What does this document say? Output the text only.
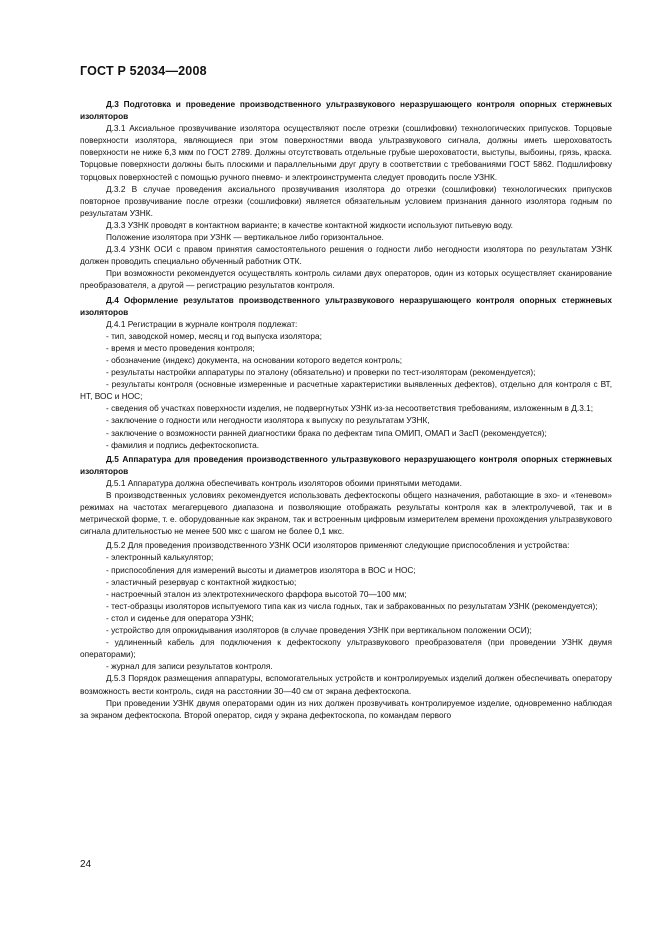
ГОСТ Р 52034—2008

Д.3 Подготовка и проведение производственного ультразвукового неразрушающего контроля опорных стержневых изоляторов

Д.3.1 Аксиальное прозвучивание изолятора осуществляют после отрезки (сошлифовки) технологических припусков. Торцовые поверхности изолятора, являющиеся при этом поверхностями ввода ультразвукового сигнала, должны иметь шероховатость поверхности не ниже 6,3 мкм по ГОСТ 2789. Должны отсутствовать отдельные грубые шероховатости, выступы, выбоины, грязь, краска. Торцовые поверхности должны быть плоскими и параллельными друг другу в соответствии с требованиями ГОСТ 5862. Подшлифовку торцовых поверхностей с помощью ручного пневмо- и электроинструмента следует проводить после УЗНК.

Д.3.2 В случае проведения аксиального прозвучивания изолятора до отрезки (сошлифовки) технологических припусков повторное прозвучивание после отрезки (сошлифовки) является обязательным условием признания данного изолятора годным по результатам УЗНК.

Д.3.3 УЗНК проводят в контактном варианте; в качестве контактной жидкости используют питьевую воду.

Положение изолятора при УЗНК — вертикальное либо горизонтальное.

Д.3.4 УЗНК ОСИ с правом принятия самостоятельного решения о годности либо негодности изолятора по результатам УЗНК должен проводить специально обученный работник ОТК.

При возможности рекомендуется осуществлять контроль силами двух операторов, один из которых осуществляет сканирование преобразователя, а другой — регистрацию результатов контроля.

Д.4 Оформление результатов производственного ультразвукового неразрушающего контроля опорных стержневых изоляторов

Д.4.1 Регистрации в журнале контроля подлежат:

- тип, заводской номер, месяц и год выпуска изолятора;

- время и место проведения контроля;

- обозначение (индекс) документа, на основании которого ведется контроль;

- результаты настройки аппаратуры по эталону (обязательно) и проверки по тест-изоляторам (рекомендуется);

- результаты контроля (основные измеренные и расчетные характеристики выявленных дефектов), отдельно для контроля с ВТ, НТ, ВОС и НОС;

- сведения об участках поверхности изделия, не подвергнутых УЗНК из-за несоответствия требованиям, изложенным в Д.3.1;

- заключение о годности или негодности изолятора к выпуску по результатам УЗНК,

- заключение о возможности ранней диагностики брака по дефектам типа ОМИП, ОМАП и ЗасП (рекомендуется);

- фамилия и подпись дефектоскописта.

Д.5 Аппаратура для проведения производственного ультразвукового неразрушающего контроля опорных стержневых изоляторов

Д.5.1 Аппаратура должна обеспечивать контроль изоляторов обоими принятыми методами.

В производственных условиях рекомендуется использовать дефектоскопы общего назначения, работающие в эхо- и «теневом» режимах на частотах мегагерцевого диапазона и позволяющие отображать результаты контроля как в электролучевой, так и в метрической форме, т. е. оборудованные как экраном, так и встроенным цифровым измерителем времени прохождения ультразвукового сигнала длительностью не менее 500 мкс с шагом не более 0,1 мкс.

Д.5.2 Для проведения производственного УЗНК ОСИ изоляторов применяют следующие приспособления и устройства:

- электронный калькулятор;

- приспособления для измерений высоты и диаметров изолятора в ВОС и НОС;

- эластичный резервуар с контактной жидкостью;

- настроечный эталон из электротехнического фарфора высотой 70—100 мм;

- тест-образцы изоляторов испытуемого типа как из числа годных, так и забракованных по результатам УЗНК (рекомендуется);

- стол и сиденье для оператора УЗНК;

- устройство для опрокидывания изоляторов (в случае проведения УЗНК при вертикальном положении ОСИ);

- удлиненный кабель для подключения к дефектоскопу ультразвукового преобразователя (при проведении УЗНК двумя операторами);

- журнал для записи результатов контроля.

Д.5.3 Порядок размещения аппаратуры, вспомогательных устройств и контролируемых изделий должен обеспечивать оператору возможность вести контроль, сидя на расстоянии 30—40 см от экрана дефектоскопа.

При проведении УЗНК двумя операторами один из них должен прозвучивать контролируемое изделие, одновременно наблюдая за экраном дефектоскопа. Второй оператор, сидя у экрана дефектоскопа, по командам первого

24
